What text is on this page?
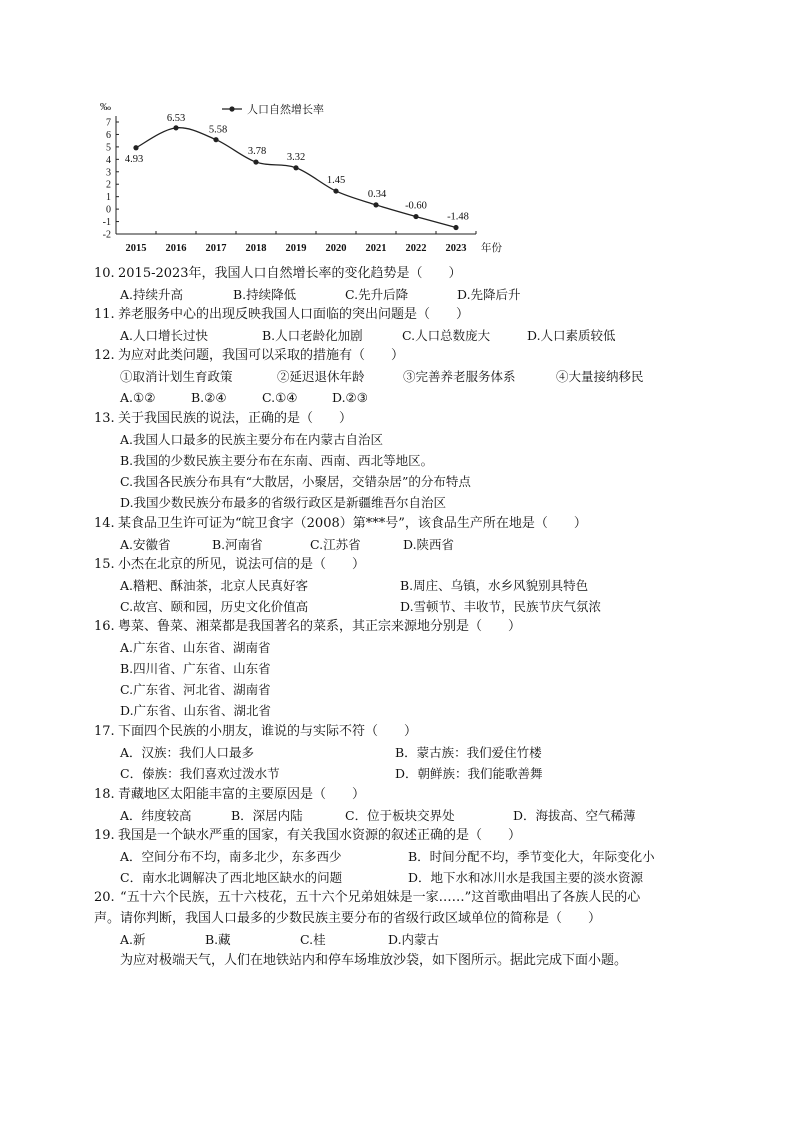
7
6
5
4
3
2
1
0
-1
-2
‰
2015 2016 2017 2018 2019 2020 2021 2022 2023 年份
人口自然增长率
4.93
6.53
5.58
3.78
3.32
1.45
0.34
-0.60
-1.48
10. 2015-2023年，我国人口自然增长率的变化趋势是（　　）
A.持续升高	B.持续降低	C.先升后降	D.先降后升
11. 养老服务中心的出现反映我国人口面临的突出问题是（　　）
A.人口增长过快	B.人口老龄化加剧	C.人口总数庞大	D.人口素质较低
12. 为应对此类问题，我国可以采取的措施有（　　）
①取消计划生育政策	②延迟退休年龄	③完善养老服务体系	④大量接纳移民
A.①②	B.②④	C.①④	D.②③
13. 关于我国民族的说法，正确的是（　　）
A.我国人口最多的民族主要分布在内蒙古自治区
B.我国的少数民族主要分布在东南、西南、西北等地区。
C.我国各民族分布具有“大散居，小聚居，交错杂居”的分布特点
D.我国少数民族分布最多的省级行政区是新疆维吾尔自治区
14. 某食品卫生许可证为“皖卫食字（2008）第***号”，该食品生产所在地是（　　）
A.安徽省	B.河南省	C.江苏省	D.陕西省
15. 小杰在北京的所见，说法可信的是（　　）
A.糌粑、酥油茶，北京人民真好客	B.周庄、乌镇，水乡风貌别具特色
C.故宫、颐和园，历史文化价值高	D.雪顿节、丰收节，民族节庆气氛浓
16. 粤菜、鲁菜、湘菜都是我国著名的菜系，其正宗来源地分别是（　　）
A.广东省、山东省、湖南省
B.四川省、广东省、山东省
C.广东省、河北省、湖南省
D.广东省、山东省、湖北省
17. 下面四个民族的小朋友，谁说的与实际不符（　　）
A．汉族：我们人口最多	B．蒙古族：我们爱住竹楼
C．傣族：我们喜欢过泼水节	D．朝鲜族：我们能歌善舞
18. 青藏地区太阳能丰富的主要原因是（　　）
A．纬度较高	B．深居内陆	C．位于板块交界处	D．海拔高、空气稀薄
19. 我国是一个缺水严重的国家，有关我国水资源的叙述正确的是（　　）
A．空间分布不均，南多北少，东多西少	B．时间分配不均，季节变化大，年际变化小
C．南水北调解决了西北地区缺水的问题	D．地下水和冰川水是我国主要的淡水资源
20. “五十六个民族，五十六枝花，五十六个兄弟姐妹是一家……”这首歌曲唱出了各族人民的心
声。请你判断，我国人口最多的少数民族主要分布的省级行政区域单位的简称是（　　）
A.新	B.藏	C.桂	D.内蒙古
为应对极端天气，人们在地铁站内和停车场堆放沙袋，如下图所示。据此完成下面小题。
